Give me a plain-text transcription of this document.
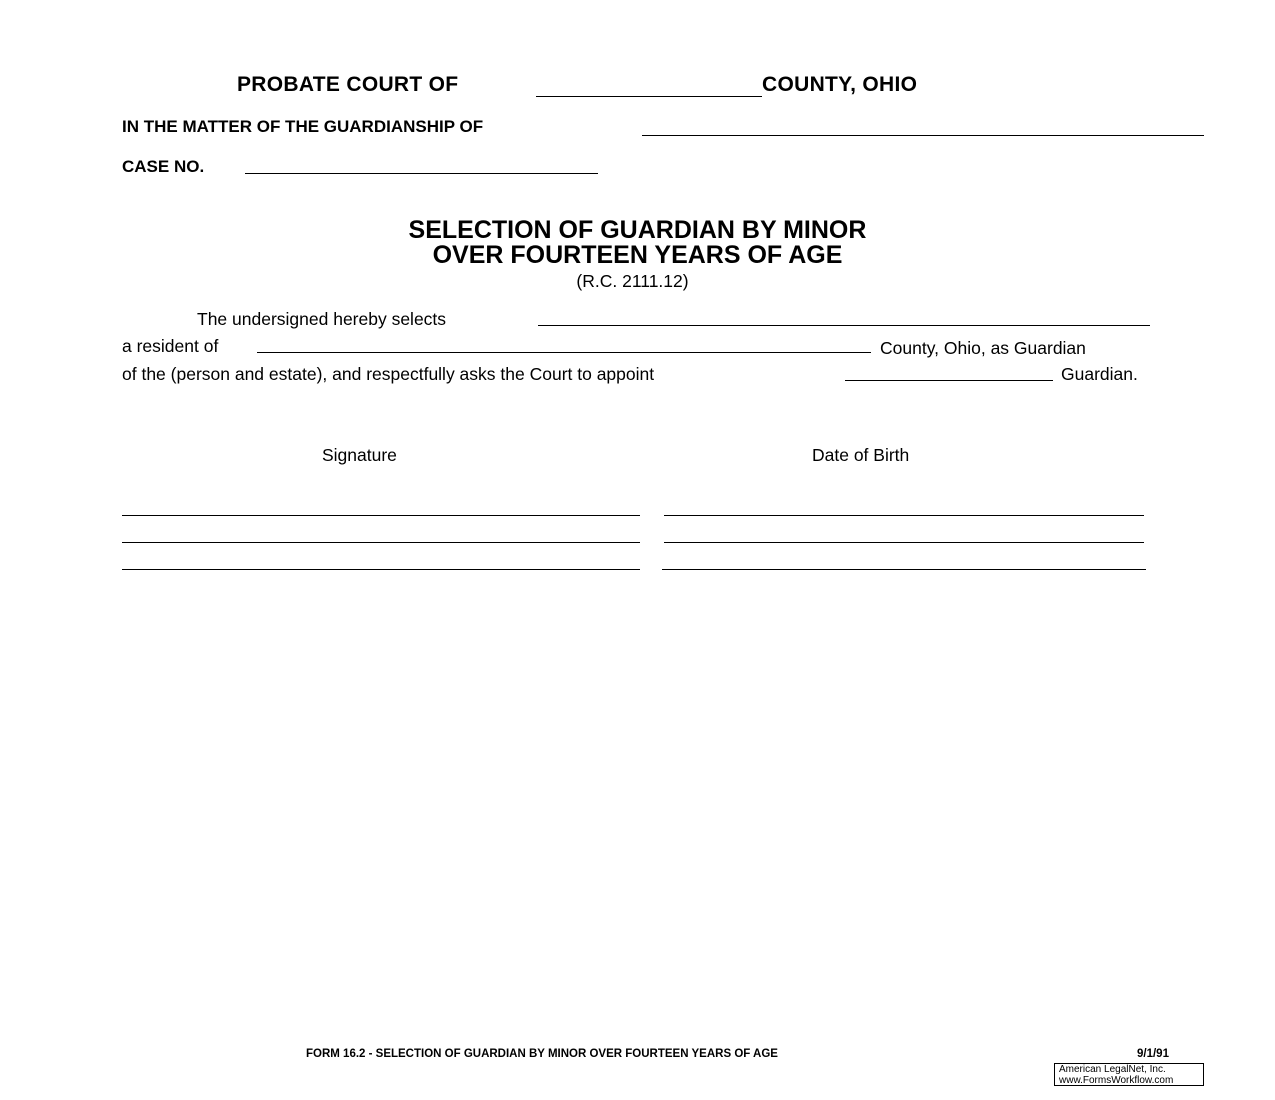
PROBATE COURT OF	COUNTY, OHIO
IN THE MATTER OF THE GUARDIANSHIP OF
CASE NO.
SELECTION OF GUARDIAN BY MINOR
OVER FOURTEEN YEARS OF AGE
(R.C. 2111.12)
The undersigned hereby selects
a resident of	County, Ohio, as Guardian
of the (person and estate), and respectfully asks the Court to appoint	Guardian.
Signature	Date of Birth
FORM 16.2 - SELECTION OF GUARDIAN BY MINOR OVER FOURTEEN YEARS OF AGE	9/1/91
American LegalNet, Inc.
www.FormsWorkflow.com
